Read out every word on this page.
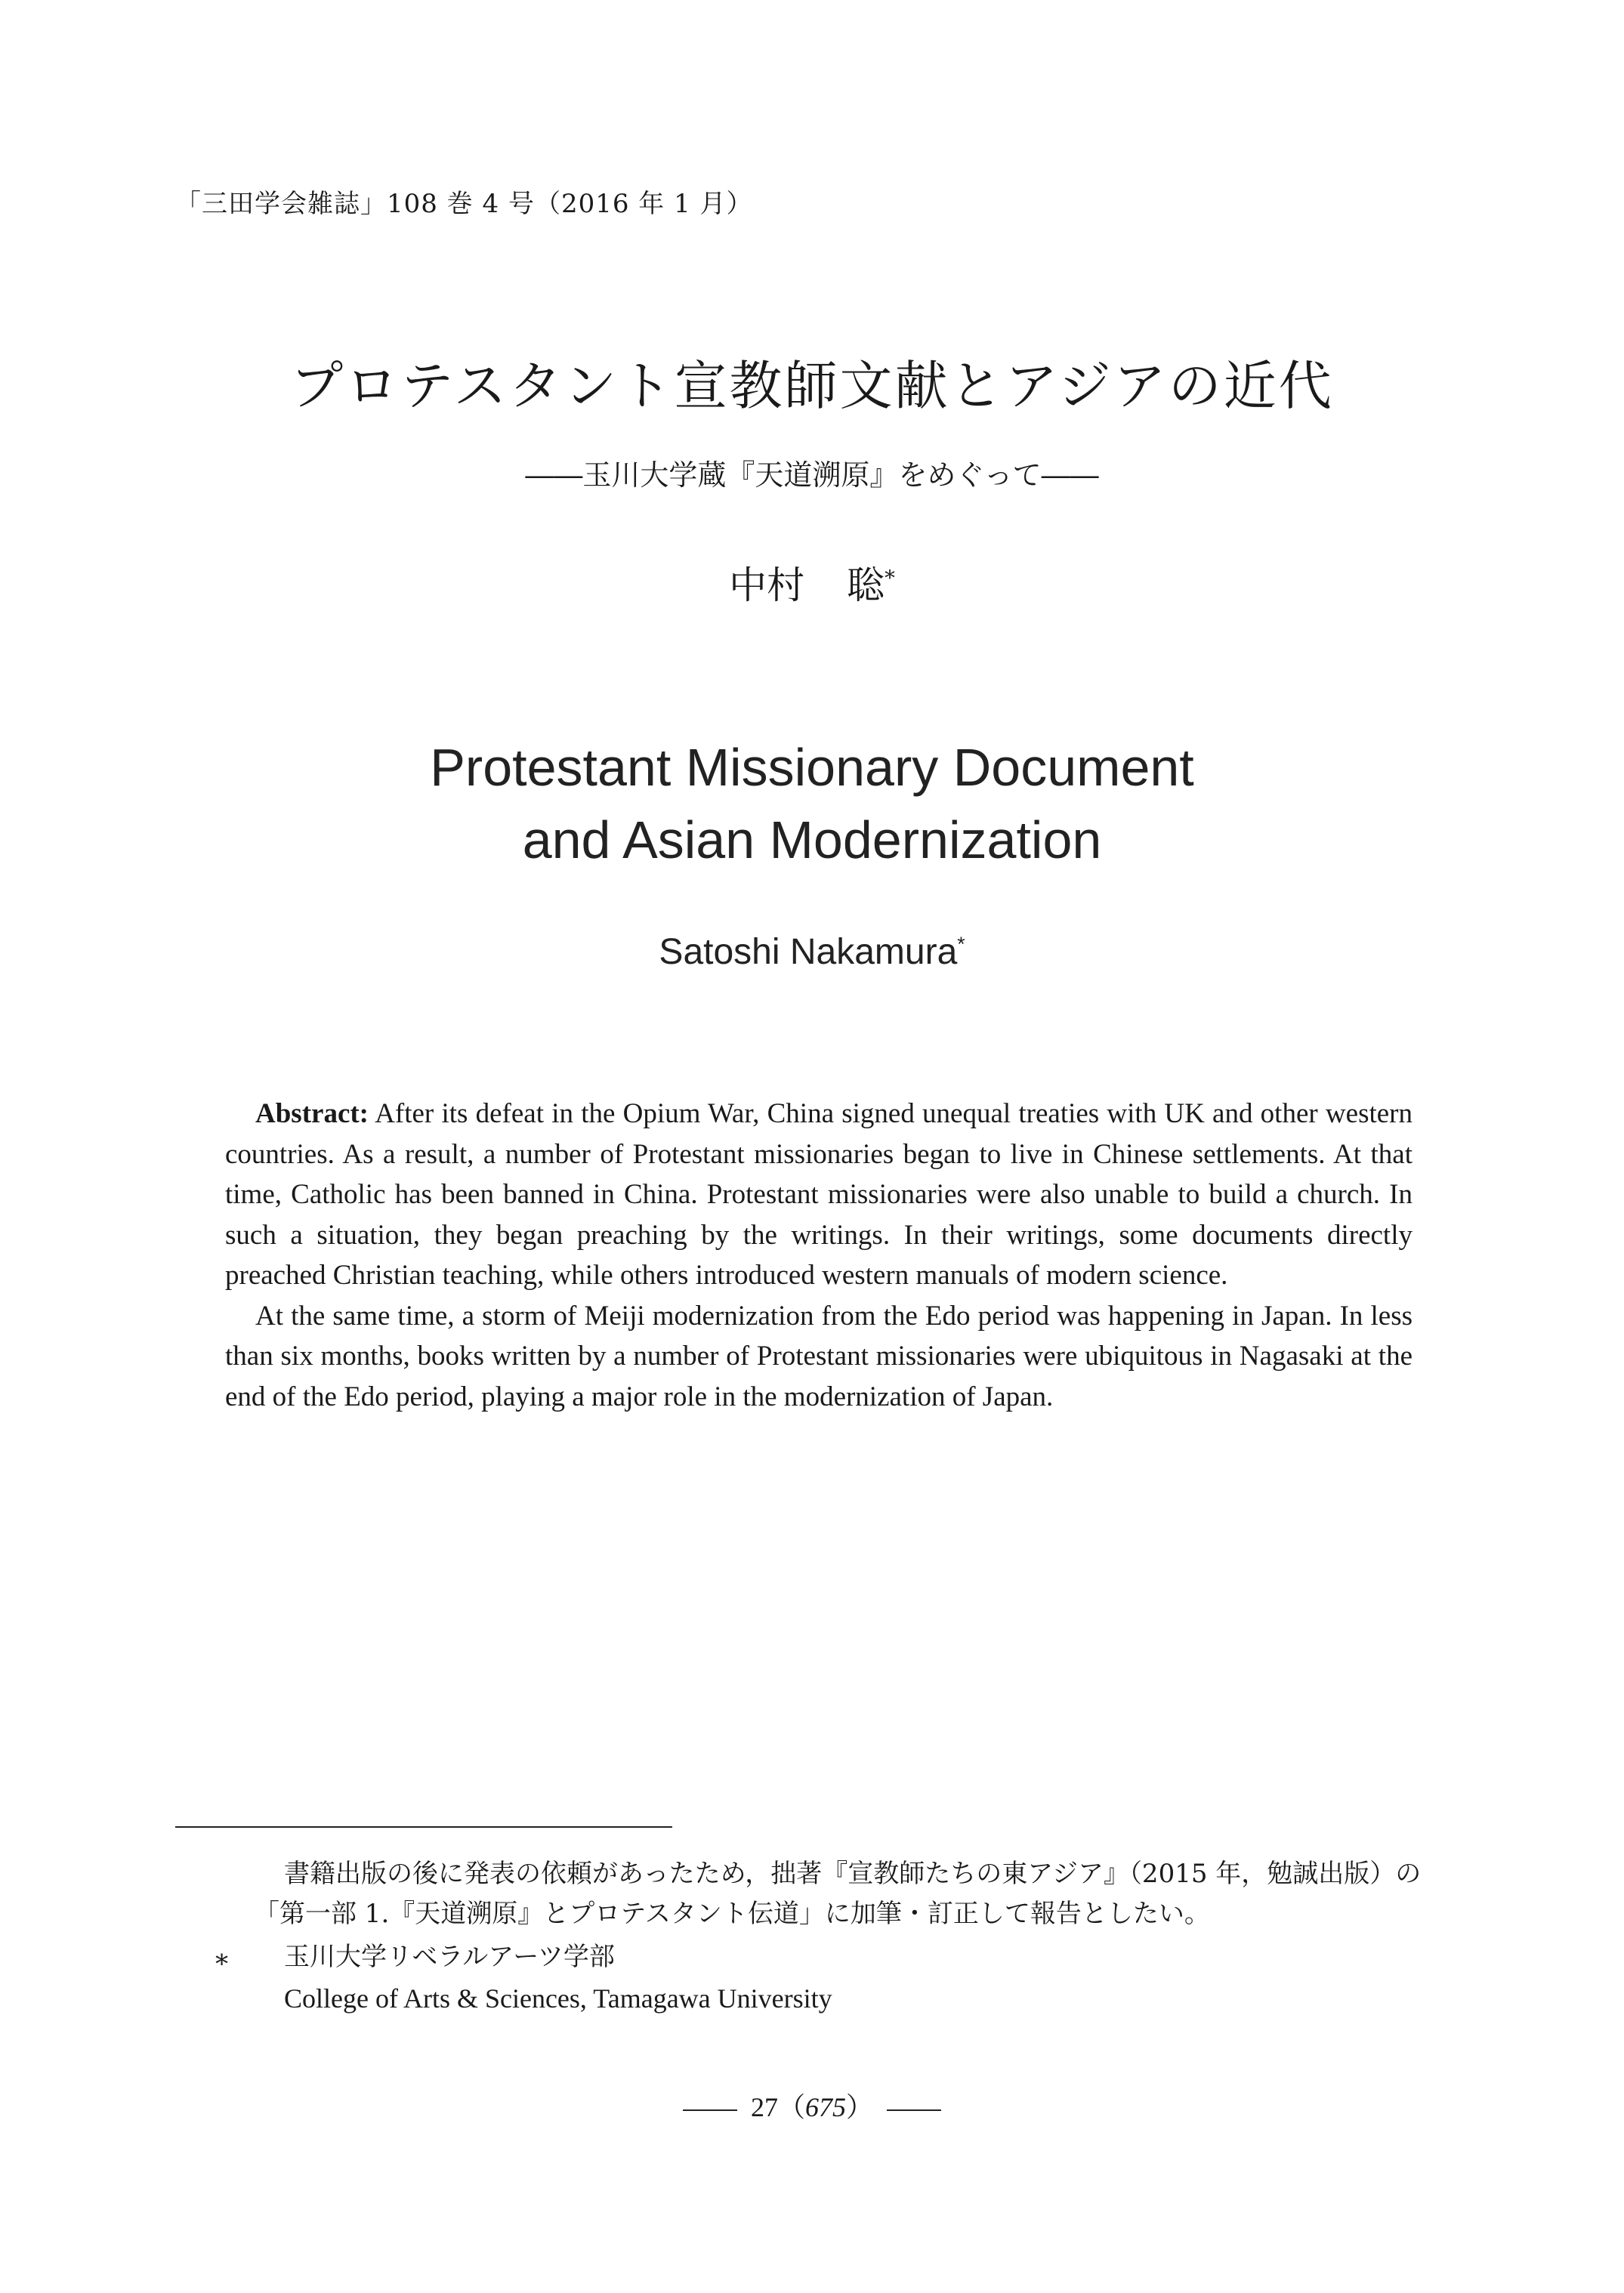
「三田学会雑誌」108 巻 4 号（2016 年 1 月）
プロテスタント宣教師文献とアジアの近代
――玉川大学蔵『天道溯原』をめぐって――
中村 聡*
Protestant Missionary Document
and Asian Modernization
Satoshi Nakamura*

Abstract: After its defeat in the Opium War, China signed unequal treaties with UK and other western countries. As a result, a number of Protestant missionaries began to live in Chinese settlements. At that time, Catholic has been banned in China. Protestant missionaries were also unable to build a church. In such a situation, they began preaching by the writings. In their writings, some documents directly preached Christian teaching, while others introduced western manuals of modern science.

At the same time, a storm of Meiji modernization from the Edo period was happening in Japan. In less than six months, books written by a number of Protestant missionaries were ubiquitous in Nagasaki at the end of the Edo period, playing a major role in the modernization of Japan.

書籍出版の後に発表の依頼があったため，拙著『宣教師たちの東アジア』（2015 年，勉誠出版）の
「第一部 1.『天道溯原』とプロテスタント伝道」に加筆・訂正して報告としたい。
∗ 玉川大学リベラルアーツ学部
College of Arts & Sciences, Tamagawa University
27（675）
